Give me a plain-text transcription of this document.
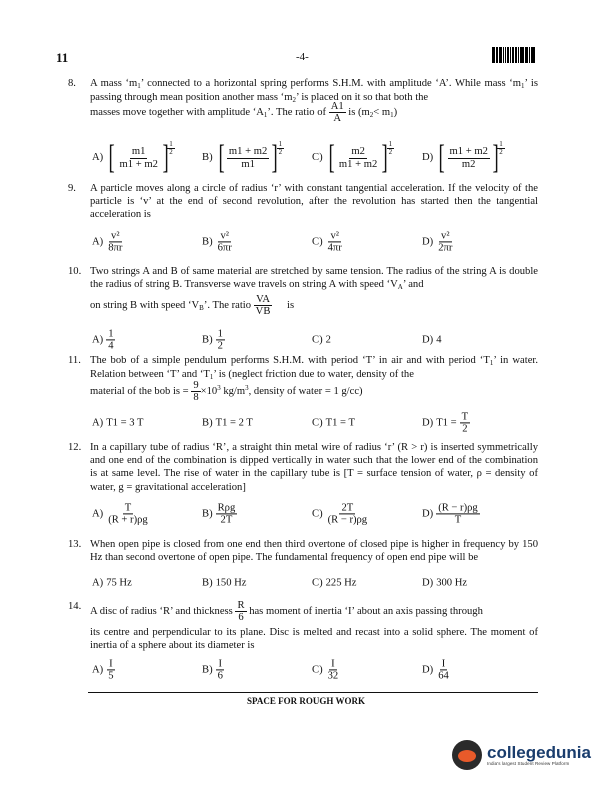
11	-4-
8. A mass ‘$m_1$’ connected to a horizontal spring performs S.H.M. with amplitude ‘A’. While mass ‘$m_1$’ is passing through mean position another mass ‘$m_2$’ is placed on it so that both the

masses move together with amplitude ‘$A_1$’. The ratio of $\frac{A1}{A}$ is $(m_2< m_1)$
A) [ $\frac{m1}{m1 + m2}$ ]
$\frac{1}{2}$
B) [ $\frac{m1 + m2}{m1}$ ]
$\frac{1}{2}$
C) [ $\frac{m2}{m1 + m2}$ ]
$\frac{1}{2}$
D) [ $\frac{m1 + m2}{m2}$ ]
$\frac{1}{2}$
9. A particle moves along a circle of radius ‘r’ with constant tangential acceleration. If the velocity of the particle is ‘v’ at the end of second revolution, after the revolution has started then the tangential acceleration is
$A) \frac{\text{v²}}{8\pi r}$	$B) \frac{\text{v²}}{6\pi r}$	$C) \frac{\text{v²}}{4\pi r}$	$D) \frac{\text{v²}}{2\pi r}$
10. Two strings A and B of same material are stretched by same tension. The radius of the string A is double the radius of string B. Transverse wave travels on string A with speed ‘$V_A$’ and
on string B with speed ‘$V_B$’. The ratio $\frac{VA}{VB}$ is
$A) \frac{1}{4}$	$B) \frac{1}{2}$	C) 2	D) 4
11. The bob of a simple pendulum performs S.H.M. with period ‘T’ in air and with period ‘$T_1$’ in water. Relation between ‘T’ and ‘$T_1$’ is (neglect friction due to water, density of the
material of the bob is = $\frac{9}{8} \times 10^3$ $kg/m^3$, density of water = 1 g/cc)
A) T1 = 3 T	B) T1 = 2 T	C) T1 = T	D) $T1 = \frac{T}{2}$
12. In a capillary tube of radius ‘R’, a straight thin metal wire of radius ‘r’ (R > r) is inserted symmetrically and one end of the combination is dipped vertically in water such that the lower end of the combination is at same level. The rise of water in the capillary tube is [T = surface tension of water, ρ = density of water, g = gravitational acceleration]
$A) \frac{T}{(R + r)\rho g}$	B)
Rρg
2T
$C) \frac{2T}{(R - r)\rho g}$	$D) \frac{(R - r)\rho g}{T}$
13. When open pipe is closed from one end then third overtone of closed pipe is higher in frequency by 150 Hz than second overtone of open pipe. The fundamental frequency of open end pipe will be
A) 75 Hz	B) 150 Hz	C) 225 Hz	D) 300 Hz
14. A disc of radius ‘R’ and thickness $\frac{R}{6}$ has moment of inertia ‘I’ about an axis passing through
its centre and perpendicular to its plane. Disc is melted and recast into a solid sphere. The moment of inertia of a sphere about its diameter is
$A) \frac{I}{5}$	$B) \frac{I}{6}$	$C) \frac{I}{32}$	$D) \frac{I}{64}$
SPACE FOR ROUGH WORK
collegedunia
India's largest Student Review Platform
